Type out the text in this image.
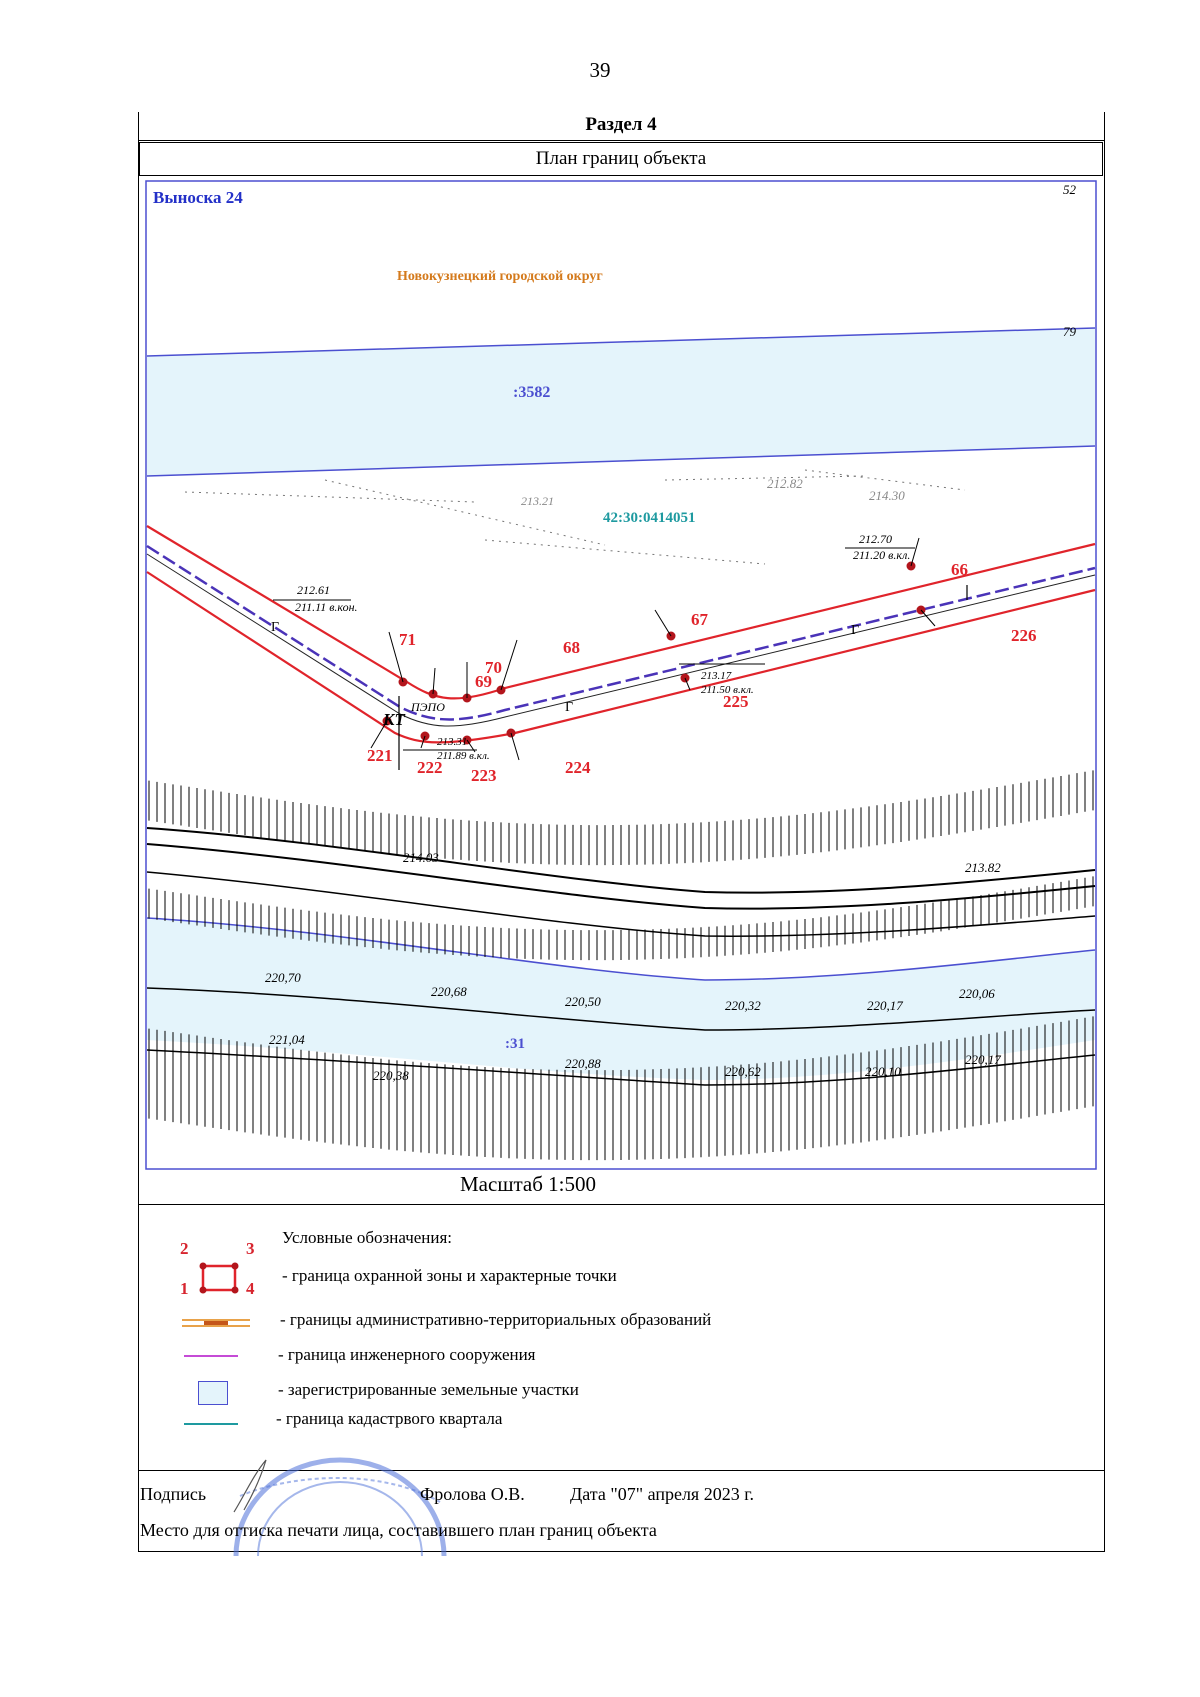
39
Раздел 4
План границ объекта
Выноска 24	52
79
Новокузнецкий городской округ
:3582
42:30:0414051
:31
212.82
214.30
213.21
66
67
68
70
69
71
221
222 223	224
225
226
212.61
211.11 в.кон.
212.70
211.20 в.кл.
213.17
211.50 в.кл.
213.31
211.89 в.кл.
КТ
ПЭПО
Г
Г
Г
214.03
213.82
220,70
220,68
220,50	220,32	220,17
220,06
221,04
220,38
220,88
220,62	220,10
220,17
Масштаб 1:500
Условные обозначения:
2	3
1	4
- граница охранной зоны и характерные точки
- границы административно-территориальных образований
- граница инженерного сооружения
- зарегистрированные земельные участки
- граница кадастрвого квартала
Подпись	Фролова О.В.	Дата "07" апреля 2023 г.
Место для оттиска печати лица, составившего план границ объекта
